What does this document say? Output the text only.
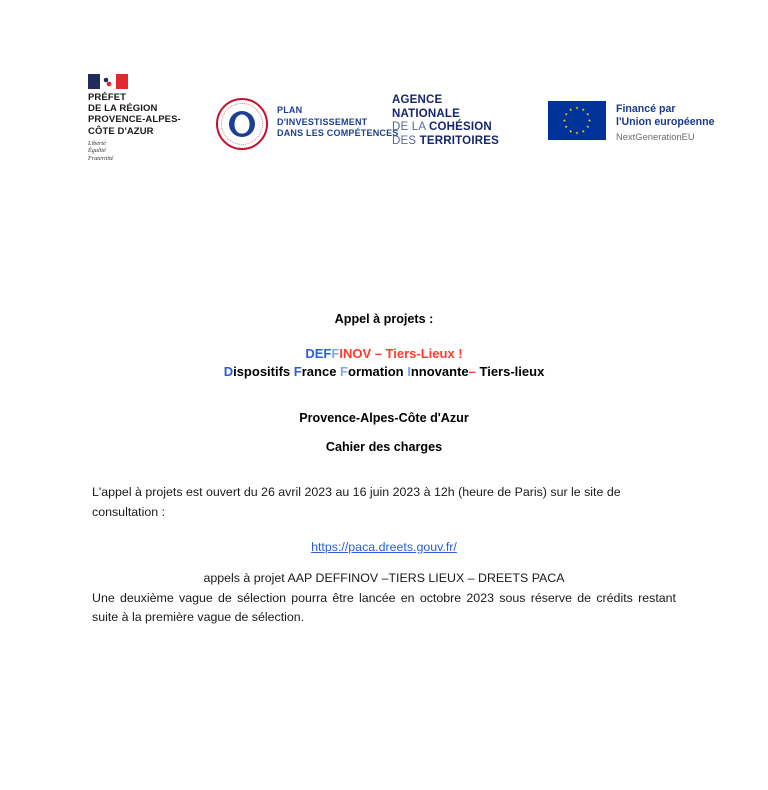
PRÉFET
DE LA RÉGION
PROVENCE-ALPES-
CÔTE D'AZUR
Liberté
Égalité
Fraternité
PLAN
D'INVESTISSEMENT
DANS LES COMPÉTENCES
AGENCE
NATIONALE
DE LA COHÉSION
DES TERRITOIRES
Financé par
l'Union européenne
NextGenerationEU
Appel à projets :
DEFFINOV – Tiers-Lieux !
Dispositifs France Formation Innovante– Tiers-lieux
Provence-Alpes-Côte d'Azur
Cahier des charges

L'appel à projets est ouvert du 26 avril 2023 au 16 juin 2023 à 12h (heure de Paris) sur le site de consultation :

https://paca.dreets.gouv.fr/
appels à projet AAP DEFFINOV –TIERS LIEUX – DREETS PACA

Une deuxième vague de sélection pourra être lancée en octobre 2023 sous réserve de crédits restant suite à la première vague de sélection.
